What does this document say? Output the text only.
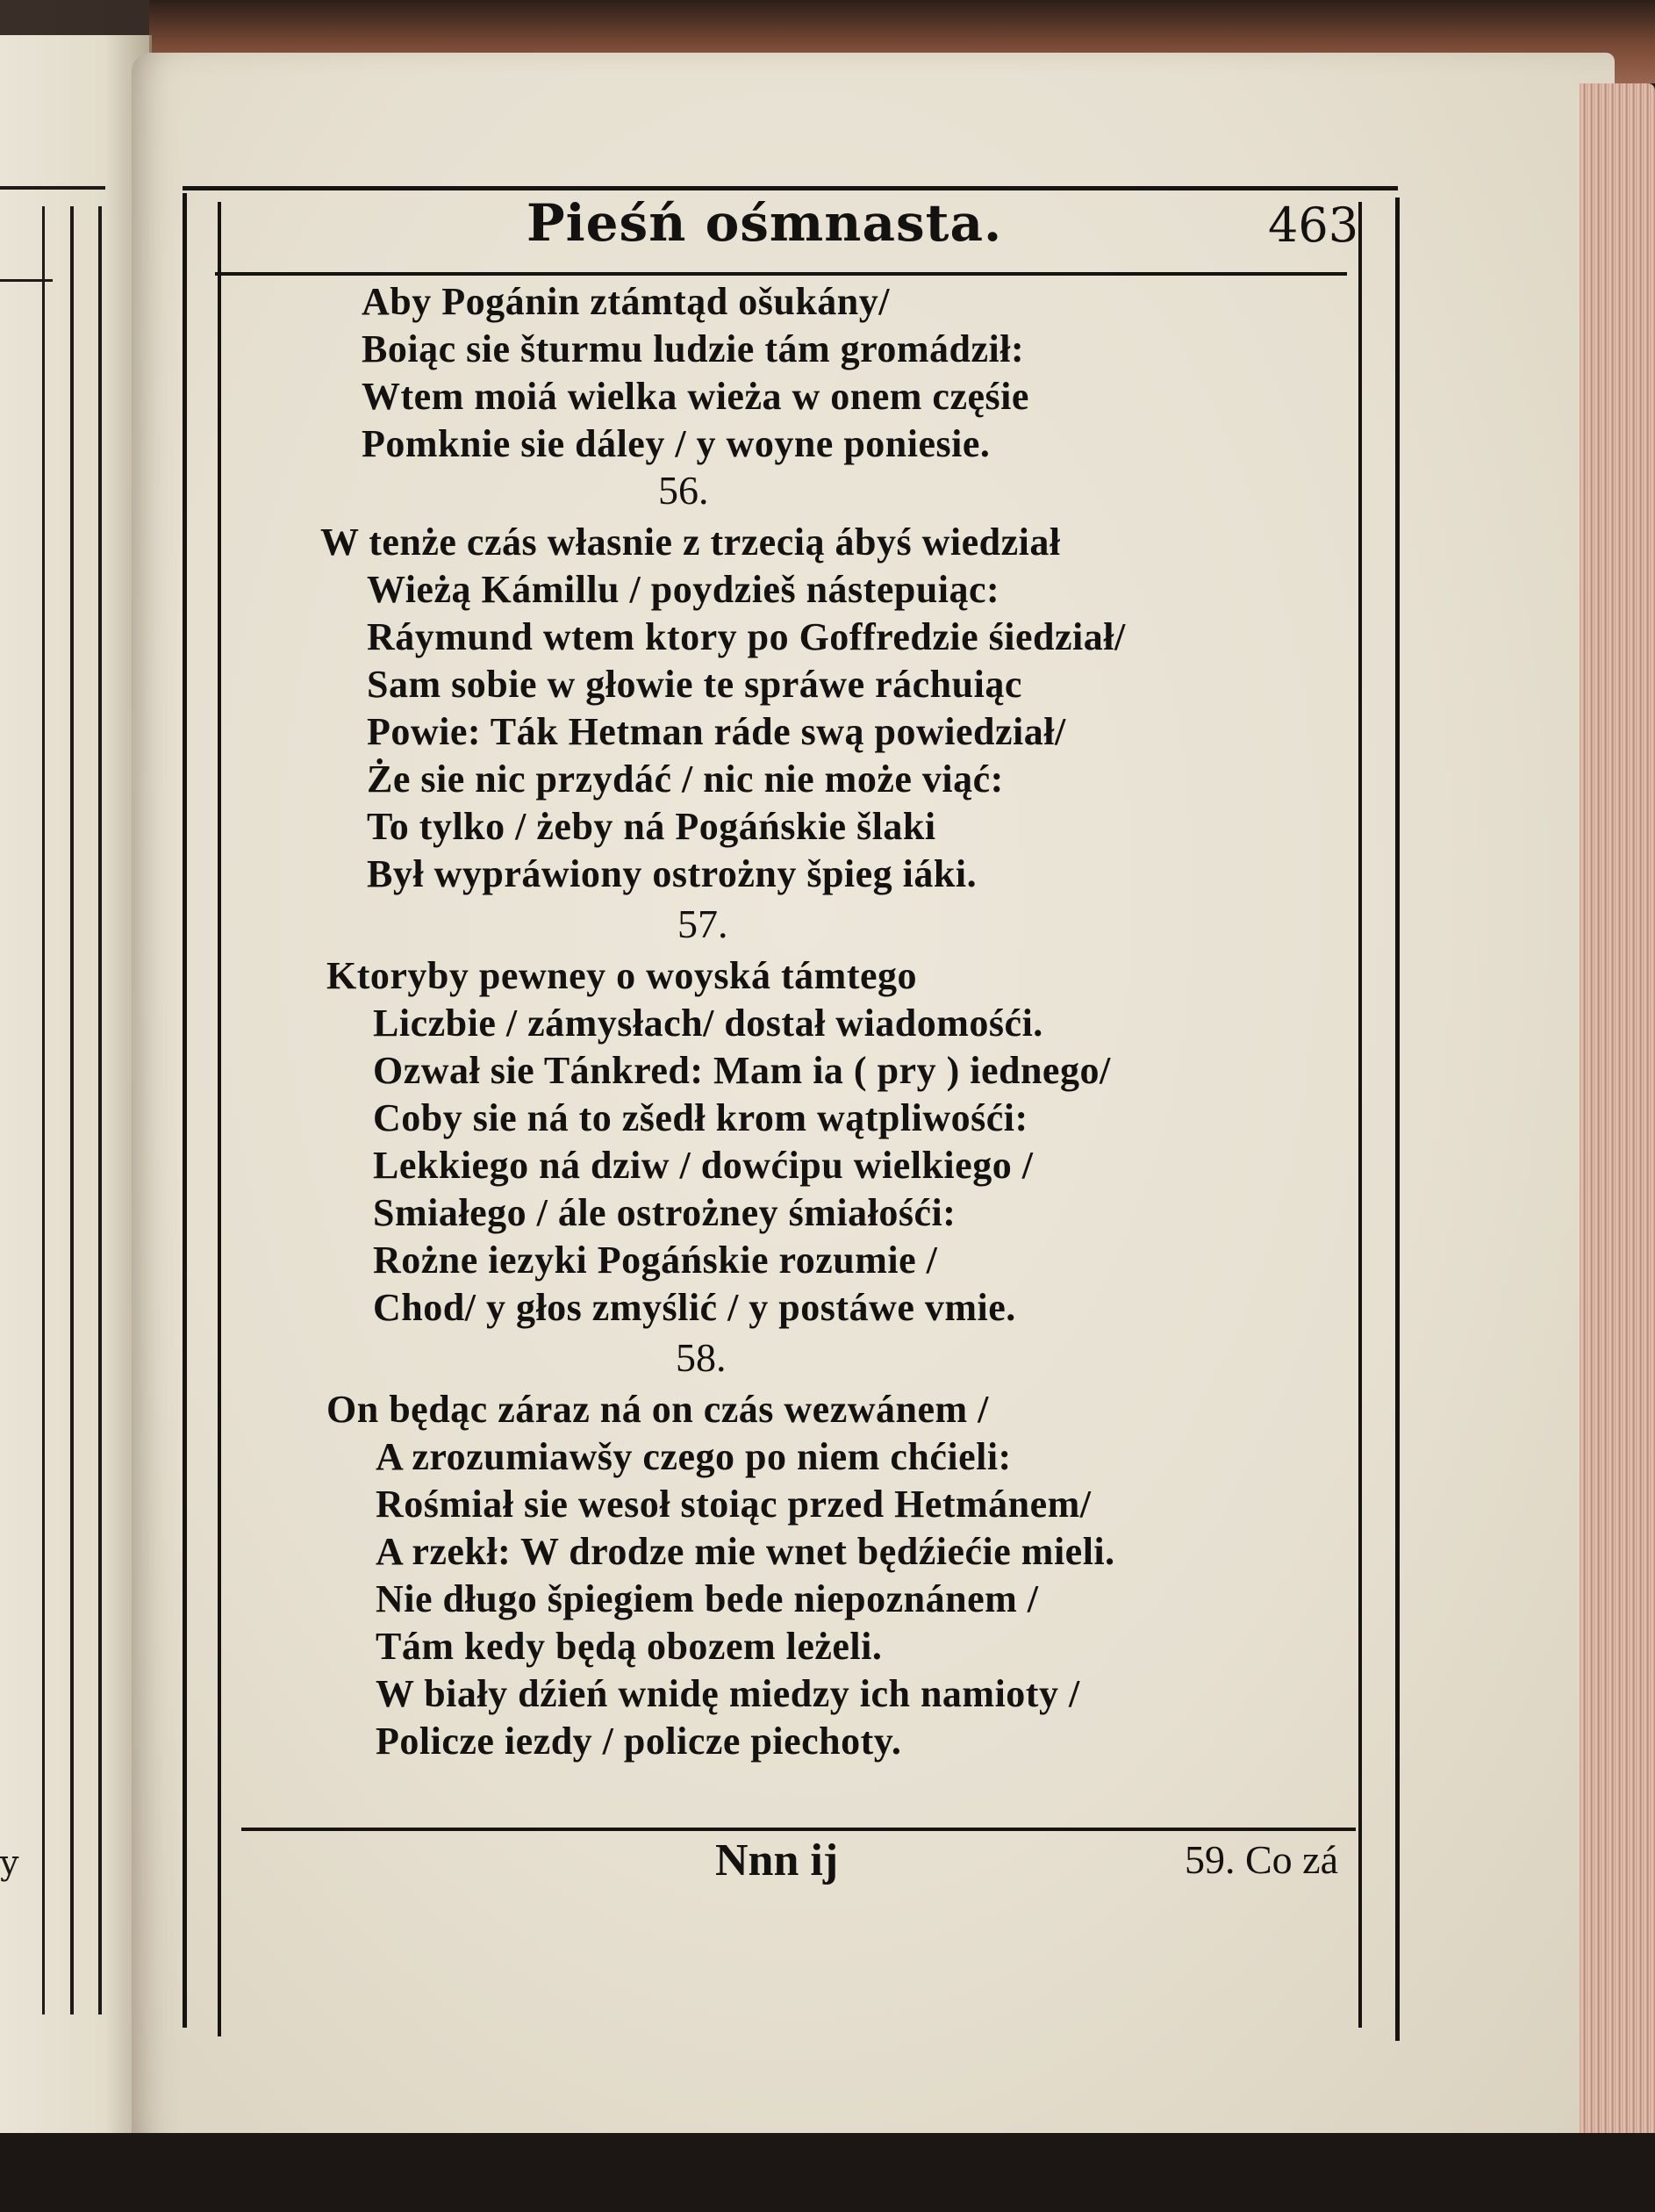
y
Pieśń ośmnasta.	463
Aby Pogánin ztámtąd ošukány/
Boiąc sie šturmu ludzie tám gromádził:
Wtem moiá wielka wieża w onem częśie
Pomknie sie dáley / y woyne poniesie.
56.
W tenże czás własnie z trzecią ábyś wiedział
Wieżą Kámillu / poydzieš nástepuiąc:
Ráymund wtem ktory po Goffredzie śiedział/
Sam sobie w głowie te spráwe ráchuiąc
Powie: Ták Hetman ráde swą powiedział/
Że sie nic przydáć / nic nie może viąć:
To tylko / żeby ná Pogáńskie šlaki
Był wypráwiony ostrożny špieg iáki.
57.
Ktoryby pewney o woyská támtego
Liczbie / zámysłach/ dostał wiadomośći.
Ozwał sie Tánkred: Mam ia ( pry ) iednego/
Coby sie ná to zšedł krom wątpliwośći:
Lekkiego ná dziw / dowćipu wielkiego /
Smiałego / ále ostrożney śmiałośći:
Rożne iezyki Pogáńskie rozumie /
Chod/ y głos zmyślić / y postáwe vmie.
58.
On będąc záraz ná on czás wezwánem /
A zrozumiawšy czego po niem chćieli:
Rośmiał sie wesoł stoiąc przed Hetmánem/
A rzekł: W drodze mie wnet będźiećie mieli.
Nie długo špiegiem bede niepoznánem /
Tám kedy będą obozem leżeli.
W biały dźień wnidę miedzy ich namioty /
Policze iezdy / policze piechoty.
Nnn ij	59. Co zá
